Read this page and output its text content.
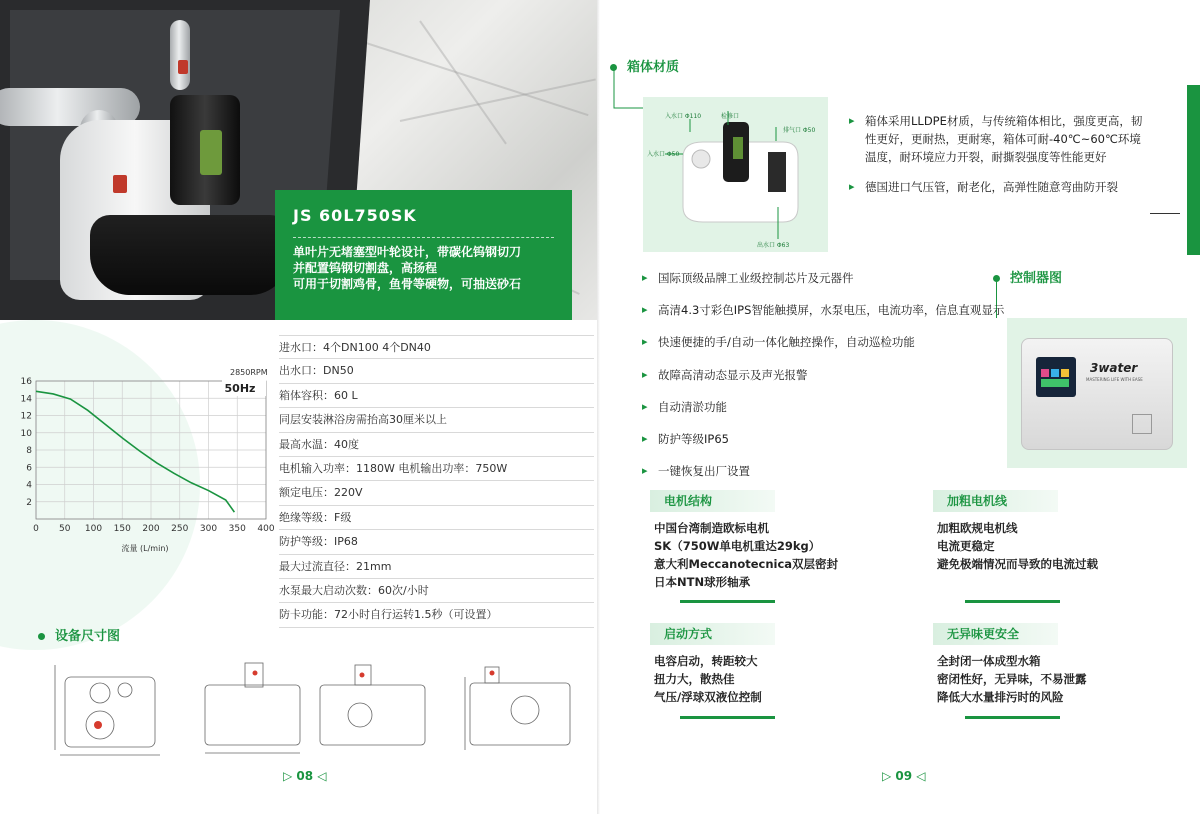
JS 60L750SK
单叶片无堵塞型叶轮设计，带碳化钨钢切刀
并配置钨钢切割盘，高扬程
可用于切割鸡骨，鱼骨等硬物，可抽送砂石
0 50 100 150 200 250 300 350 400
2
4
6
8
10
12
14
16	50Hz
2850RPM
流量 (L/min)
进水口：4个DN100 4个DN40
出水口：DN50
箱体容积：60 L
同层安装淋浴房需抬高30厘米以上
最高水温：40度
电机输入功率：1180W 电机输出功率：750W
额定电压：220V
绝缘等级：F级
防护等级：IP68
最大过流直径：21mm
水泵最大启动次数：60次/小时
防卡功能：72小时自行运转1.5秒（可设置）
设备尺寸图
▷ 08 ◁
箱体材质
入水口 Φ110	检修口
排气口 Φ50
入水口 Φ50
出水口 Φ63
▸ 箱体采用LLDPE材质，与传统箱体相比，强度更高，韧性更好，更耐热，更耐寒，箱体可耐-40℃~60℃环境温度，耐环境应力开裂，耐撕裂强度等性能更好
▸ 德国进口气压管，耐老化，高弹性随意弯曲防开裂
控制器图
▸ 国际顶级品牌工业级控制芯片及元器件
▸ 高清4.3寸彩色IPS智能触摸屏，水泵电压，电流功率，信息直观显示
▸ 快速便捷的手/自动一体化触控操作，自动巡检功能
▸ 故障高清动态显示及声光报警
▸ 自动清淤功能
▸ 防护等级IP65
▸ 一键恢复出厂设置
3water
MASTERING LIFE WITH EASE
电机结构
中国台湾制造欧标电机
SK（750W单电机重达29kg）
意大利Meccanotecnica双层密封
日本NTN球形轴承
加粗电机线
加粗欧规电机线
电流更稳定
避免极端情况而导致的电流过载
启动方式
电容启动，转距较大
扭力大，散热佳
气压/浮球双液位控制
无异味更安全
全封闭一体成型水箱
密闭性好，无异味，不易泄露
降低大水量排污时的风险
▷ 09 ◁
